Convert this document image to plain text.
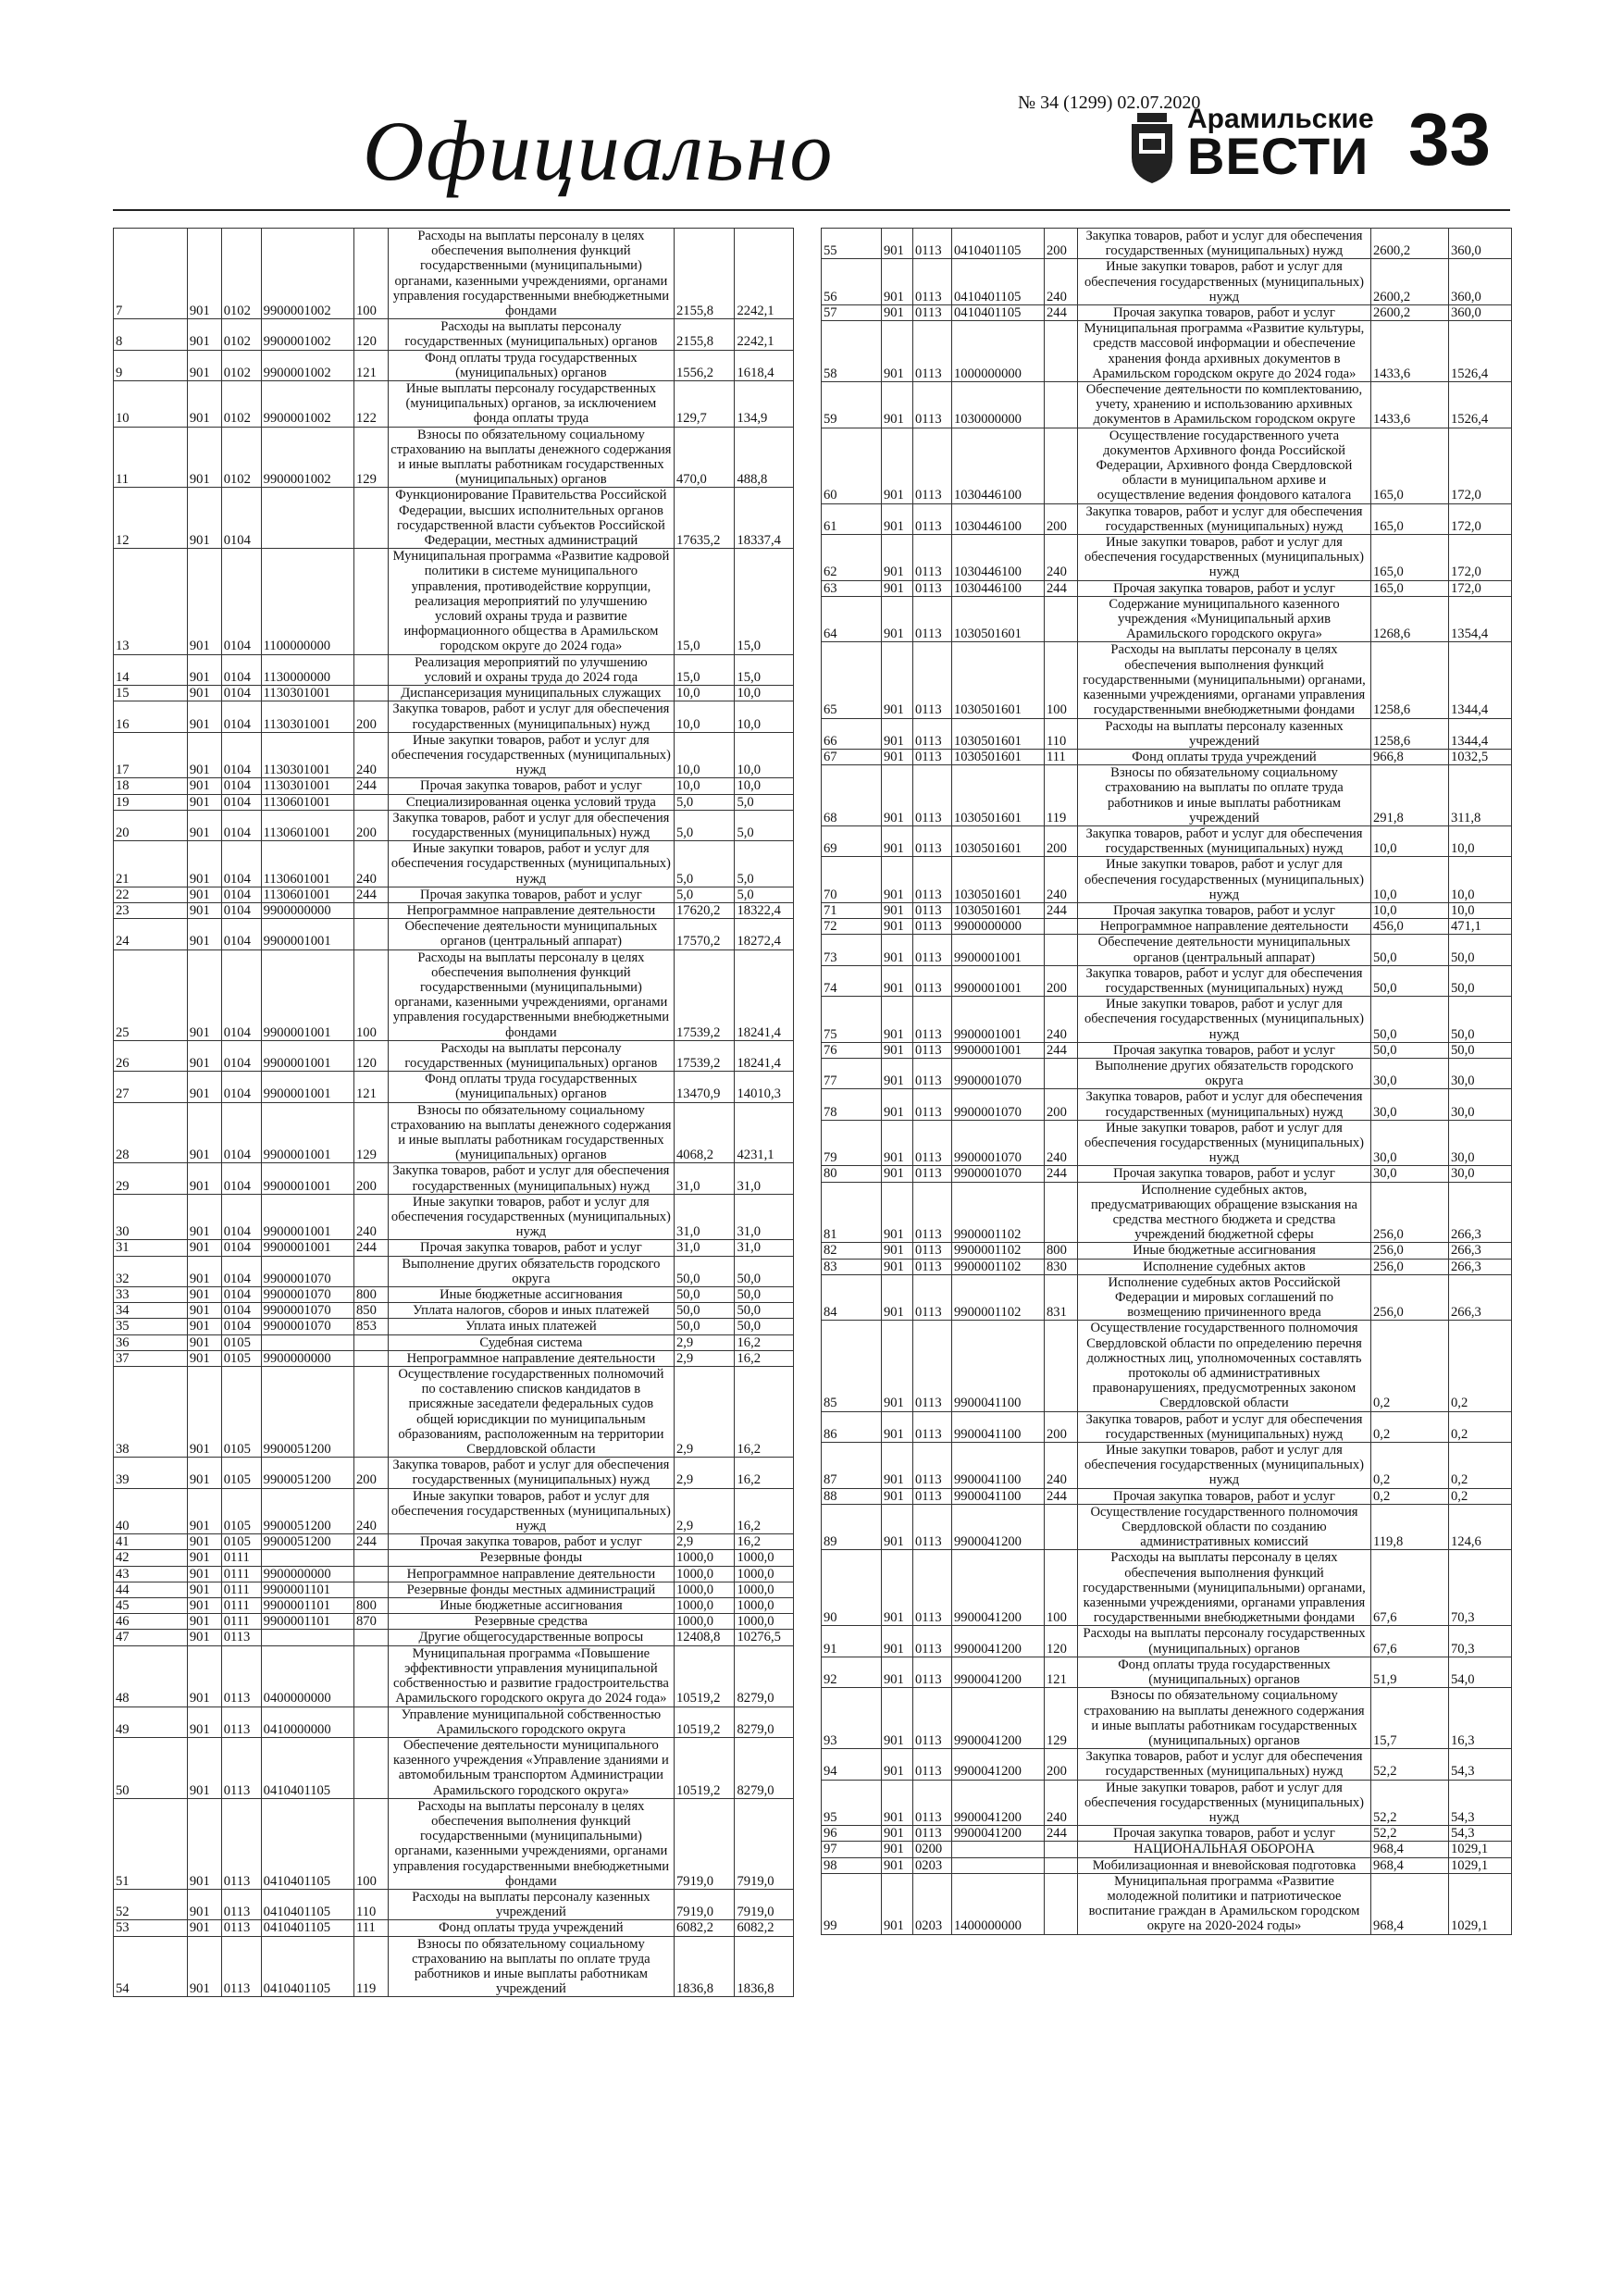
Официально	Арамильские
ВЕСТИ 33
№ 34 (1299) 02.07.2020
7	901	0102	9900001002	100	Расходы на выплаты персоналу в целях обеспечения выполнения функций государственными (муниципальными) органами, казенными учреждениями, органами управления государственными внебюджетными фондами	2155,8	2242,1
8	901	0102	9900001002	120	Расходы на выплаты персоналу государственных (муниципальных) органов	2155,8	2242,1
9	901	0102	9900001002	121	Фонд оплаты труда государственных (муниципальных) органов	1556,2	1618,4
10	901	0102	9900001002	122	Иные выплаты персоналу государственных (муниципальных) органов, за исключением фонда оплаты труда	129,7	134,9
11	901	0102	9900001002	129	Взносы по обязательному социальному страхованию на выплаты денежного содержания и иные выплаты работникам государственных (муниципальных) органов	470,0	488,8
12	901	0104			Функционирование Правительства Российской Федерации, высших исполнительных органов государственной власти субъектов Российской Федерации, местных администраций	17635,2	18337,4
13	901	0104	1100000000		Муниципальная программа «Развитие кадровой политики в системе муниципального управления, противодействие коррупции, реализация мероприятий по улучшению условий охраны труда и развитие информационного общества в Арамильском городском округе до 2024 года»	15,0	15,0
14	901	0104	1130000000		Реализация мероприятий по улучшению условий и охраны труда до 2024 года	15,0	15,0
15	901	0104	1130301001		Диспансеризация муниципальных служащих	10,0	10,0
16	901	0104	1130301001	200	Закупка товаров, работ и услуг для обеспечения государственных (муниципальных) нужд	10,0	10,0
17	901	0104	1130301001	240	Иные закупки товаров, работ и услуг для обеспечения государственных (муниципальных) нужд	10,0	10,0
18	901	0104	1130301001	244	Прочая закупка товаров, работ и услуг	10,0	10,0
19	901	0104	1130601001		Специализированная оценка условий труда	5,0	5,0
20	901	0104	1130601001	200	Закупка товаров, работ и услуг для обеспечения государственных (муниципальных) нужд	5,0	5,0
21	901	0104	1130601001	240	Иные закупки товаров, работ и услуг для обеспечения государственных (муниципальных) нужд	5,0	5,0
22	901	0104	1130601001	244	Прочая закупка товаров, работ и услуг	5,0	5,0
23	901	0104	9900000000		Непрограммное направление деятельности	17620,2	18322,4
24	901	0104	9900001001		Обеспечение деятельности муниципальных органов (центральный аппарат)	17570,2	18272,4
25	901	0104	9900001001	100	Расходы на выплаты персоналу в целях обеспечения выполнения функций государственными (муниципальными) органами, казенными учреждениями, органами управления государственными внебюджетными фондами	17539,2	18241,4
26	901	0104	9900001001	120	Расходы на выплаты персоналу государственных (муниципальных) органов	17539,2	18241,4
27	901	0104	9900001001	121	Фонд оплаты труда государственных (муниципальных) органов	13470,9	14010,3
28	901	0104	9900001001	129	Взносы по обязательному социальному страхованию на выплаты денежного содержания и иные выплаты работникам государственных (муниципальных) органов	4068,2	4231,1
29	901	0104	9900001001	200	Закупка товаров, работ и услуг для обеспечения государственных (муниципальных) нужд	31,0	31,0
30	901	0104	9900001001	240	Иные закупки товаров, работ и услуг для обеспечения государственных (муниципальных) нужд	31,0	31,0
31	901	0104	9900001001	244	Прочая закупка товаров, работ и услуг	31,0	31,0
32	901	0104	9900001070		Выполнение других обязательств городского округа	50,0	50,0
33	901	0104	9900001070	800	Иные бюджетные ассигнования	50,0	50,0
34	901	0104	9900001070	850	Уплата налогов, сборов и иных платежей	50,0	50,0
35	901	0104	9900001070	853	Уплата иных платежей	50,0	50,0
36	901	0105			Судебная система	2,9	16,2
37	901	0105	9900000000		Непрограммное направление деятельности	2,9	16,2
38	901	0105	9900051200		Осуществление государственных полномочий по составлению списков кандидатов в присяжные заседатели федеральных судов общей юрисдикции по муниципальным образованиям, расположенным на территории Свердловской области	2,9	16,2
39	901	0105	9900051200	200	Закупка товаров, работ и услуг для обеспечения государственных (муниципальных) нужд	2,9	16,2
40	901	0105	9900051200	240	Иные закупки товаров, работ и услуг для обеспечения государственных (муниципальных) нужд	2,9	16,2
41	901	0105	9900051200	244	Прочая закупка товаров, работ и услуг	2,9	16,2
42	901	0111			Резервные фонды	1000,0	1000,0
43	901	0111	9900000000		Непрограммное направление деятельности	1000,0	1000,0
44	901	0111	9900001101		Резервные фонды местных администраций	1000,0	1000,0
45	901	0111	9900001101	800	Иные бюджетные ассигнования	1000,0	1000,0
46	901	0111	9900001101	870	Резервные средства	1000,0	1000,0
47	901	0113			Другие общегосударственные вопросы	12408,8	10276,5
48	901	0113	0400000000		Муниципальная программа «Повышение эффективности управления муниципальной собственностью и развитие градостроительства Арамильского городского округа до 2024 года»	10519,2	8279,0
49	901	0113	0410000000		Управление муниципальной собственностью Арамильского городского округа	10519,2	8279,0
50	901	0113	0410401105		Обеспечение деятельности муниципального казенного учреждения «Управление зданиями и автомобильным транспортом Администрации Арамильского городского округа»	10519,2	8279,0
51	901	0113	0410401105	100	Расходы на выплаты персоналу в целях обеспечения выполнения функций государственными (муниципальными) органами, казенными учреждениями, органами управления государственными внебюджетными фондами	7919,0	7919,0
52	901	0113	0410401105	110	Расходы на выплаты персоналу казенных учреждений	7919,0	7919,0
53	901	0113	0410401105	111	Фонд оплаты труда учреждений	6082,2	6082,2
54	901	0113	0410401105	119	Взносы по обязательному социальному страхованию на выплаты по оплате труда работников и иные выплаты работникам учреждений	1836,8	1836,8
55	901	0113	0410401105	200	Закупка товаров, работ и услуг для обеспечения государственных (муниципальных) нужд	2600,2	360,0
56	901	0113	0410401105	240	Иные закупки товаров, работ и услуг для обеспечения государственных (муниципальных) нужд	2600,2	360,0
57	901	0113	0410401105	244	Прочая закупка товаров, работ и услуг	2600,2	360,0
58	901	0113	1000000000		Муниципальная программа «Развитие культуры, средств массовой информации и обеспечение хранения фонда архивных документов в Арамильском городском округе до 2024 года»	1433,6	1526,4
59	901	0113	1030000000		Обеспечение деятельности по комплектованию, учету, хранению и использованию архивных документов в Арамильском городском округе	1433,6	1526,4
60	901	0113	1030446100		Осуществление государственного учета документов Архивного фонда Российской Федерации, Архивного фонда Свердловской области в муниципальном архиве и осуществление ведения фондового каталога	165,0	172,0
61	901	0113	1030446100	200	Закупка товаров, работ и услуг для обеспечения государственных (муниципальных) нужд	165,0	172,0
62	901	0113	1030446100	240	Иные закупки товаров, работ и услуг для обеспечения государственных (муниципальных) нужд	165,0	172,0
63	901	0113	1030446100	244	Прочая закупка товаров, работ и услуг	165,0	172,0
64	901	0113	1030501601		Содержание муниципального казенного учреждения «Муниципальный архив Арамильского городского округа»	1268,6	1354,4
65	901	0113	1030501601	100	Расходы на выплаты персоналу в целях обеспечения выполнения функций государственными (муниципальными) органами, казенными учреждениями, органами управления государственными внебюджетными фондами	1258,6	1344,4
66	901	0113	1030501601	110	Расходы на выплаты персоналу казенных учреждений	1258,6	1344,4
67	901	0113	1030501601	111	Фонд оплаты труда учреждений	966,8	1032,5
68	901	0113	1030501601	119	Взносы по обязательному социальному страхованию на выплаты по оплате труда работников и иные выплаты работникам учреждений	291,8	311,8
69	901	0113	1030501601	200	Закупка товаров, работ и услуг для обеспечения государственных (муниципальных) нужд	10,0	10,0
70	901	0113	1030501601	240	Иные закупки товаров, работ и услуг для обеспечения государственных (муниципальных) нужд	10,0	10,0
71	901	0113	1030501601	244	Прочая закупка товаров, работ и услуг	10,0	10,0
72	901	0113	9900000000		Непрограммное направление деятельности	456,0	471,1
73	901	0113	9900001001		Обеспечение деятельности муниципальных органов (центральный аппарат)	50,0	50,0
74	901	0113	9900001001	200	Закупка товаров, работ и услуг для обеспечения государственных (муниципальных) нужд	50,0	50,0
75	901	0113	9900001001	240	Иные закупки товаров, работ и услуг для обеспечения государственных (муниципальных) нужд	50,0	50,0
76	901	0113	9900001001	244	Прочая закупка товаров, работ и услуг	50,0	50,0
77	901	0113	9900001070		Выполнение других обязательств городского округа	30,0	30,0
78	901	0113	9900001070	200	Закупка товаров, работ и услуг для обеспечения государственных (муниципальных) нужд	30,0	30,0
79	901	0113	9900001070	240	Иные закупки товаров, работ и услуг для обеспечения государственных (муниципальных) нужд	30,0	30,0
80	901	0113	9900001070	244	Прочая закупка товаров, работ и услуг	30,0	30,0
81	901	0113	9900001102		Исполнение судебных актов, предусматривающих обращение взыскания на средства местного бюджета и средства учреждений бюджетной сферы	256,0	266,3
82	901	0113	9900001102	800	Иные бюджетные ассигнования	256,0	266,3
83	901	0113	9900001102	830	Исполнение судебных актов	256,0	266,3
84	901	0113	9900001102	831	Исполнение судебных актов Российской Федерации и мировых соглашений по возмещению причиненного вреда	256,0	266,3
85	901	0113	9900041100		Осуществление государственного полномочия Свердловской области по определению перечня должностных лиц, уполномоченных составлять протоколы об административных правонарушениях, предусмотренных законом Свердловской области	0,2	0,2
86	901	0113	9900041100	200	Закупка товаров, работ и услуг для обеспечения государственных (муниципальных) нужд	0,2	0,2
87	901	0113	9900041100	240	Иные закупки товаров, работ и услуг для обеспечения государственных (муниципальных) нужд	0,2	0,2
88	901	0113	9900041100	244	Прочая закупка товаров, работ и услуг	0,2	0,2
89	901	0113	9900041200		Осуществление государственного полномочия Свердловской области по созданию административных комиссий	119,8	124,6
90	901	0113	9900041200	100	Расходы на выплаты персоналу в целях обеспечения выполнения функций государственными (муниципальными) органами, казенными учреждениями, органами управления государственными внебюджетными фондами	67,6	70,3
91	901	0113	9900041200	120	Расходы на выплаты персоналу государственных (муниципальных) органов	67,6	70,3
92	901	0113	9900041200	121	Фонд оплаты труда государственных (муниципальных) органов	51,9	54,0
93	901	0113	9900041200	129	Взносы по обязательному социальному страхованию на выплаты денежного содержания и иные выплаты работникам государственных (муниципальных) органов	15,7	16,3
94	901	0113	9900041200	200	Закупка товаров, работ и услуг для обеспечения государственных (муниципальных) нужд	52,2	54,3
95	901	0113	9900041200	240	Иные закупки товаров, работ и услуг для обеспечения государственных (муниципальных) нужд	52,2	54,3
96	901	0113	9900041200	244	Прочая закупка товаров, работ и услуг	52,2	54,3
97	901	0200			НАЦИОНАЛЬНАЯ ОБОРОНА	968,4	1029,1
98	901	0203			Мобилизационная и вневойсковая подготовка	968,4	1029,1
99	901	0203	1400000000		Муниципальная программа «Развитие молодежной политики и патриотическое воспитание граждан в Арамильском городском округе на 2020-2024 годы»	968,4	1029,1
